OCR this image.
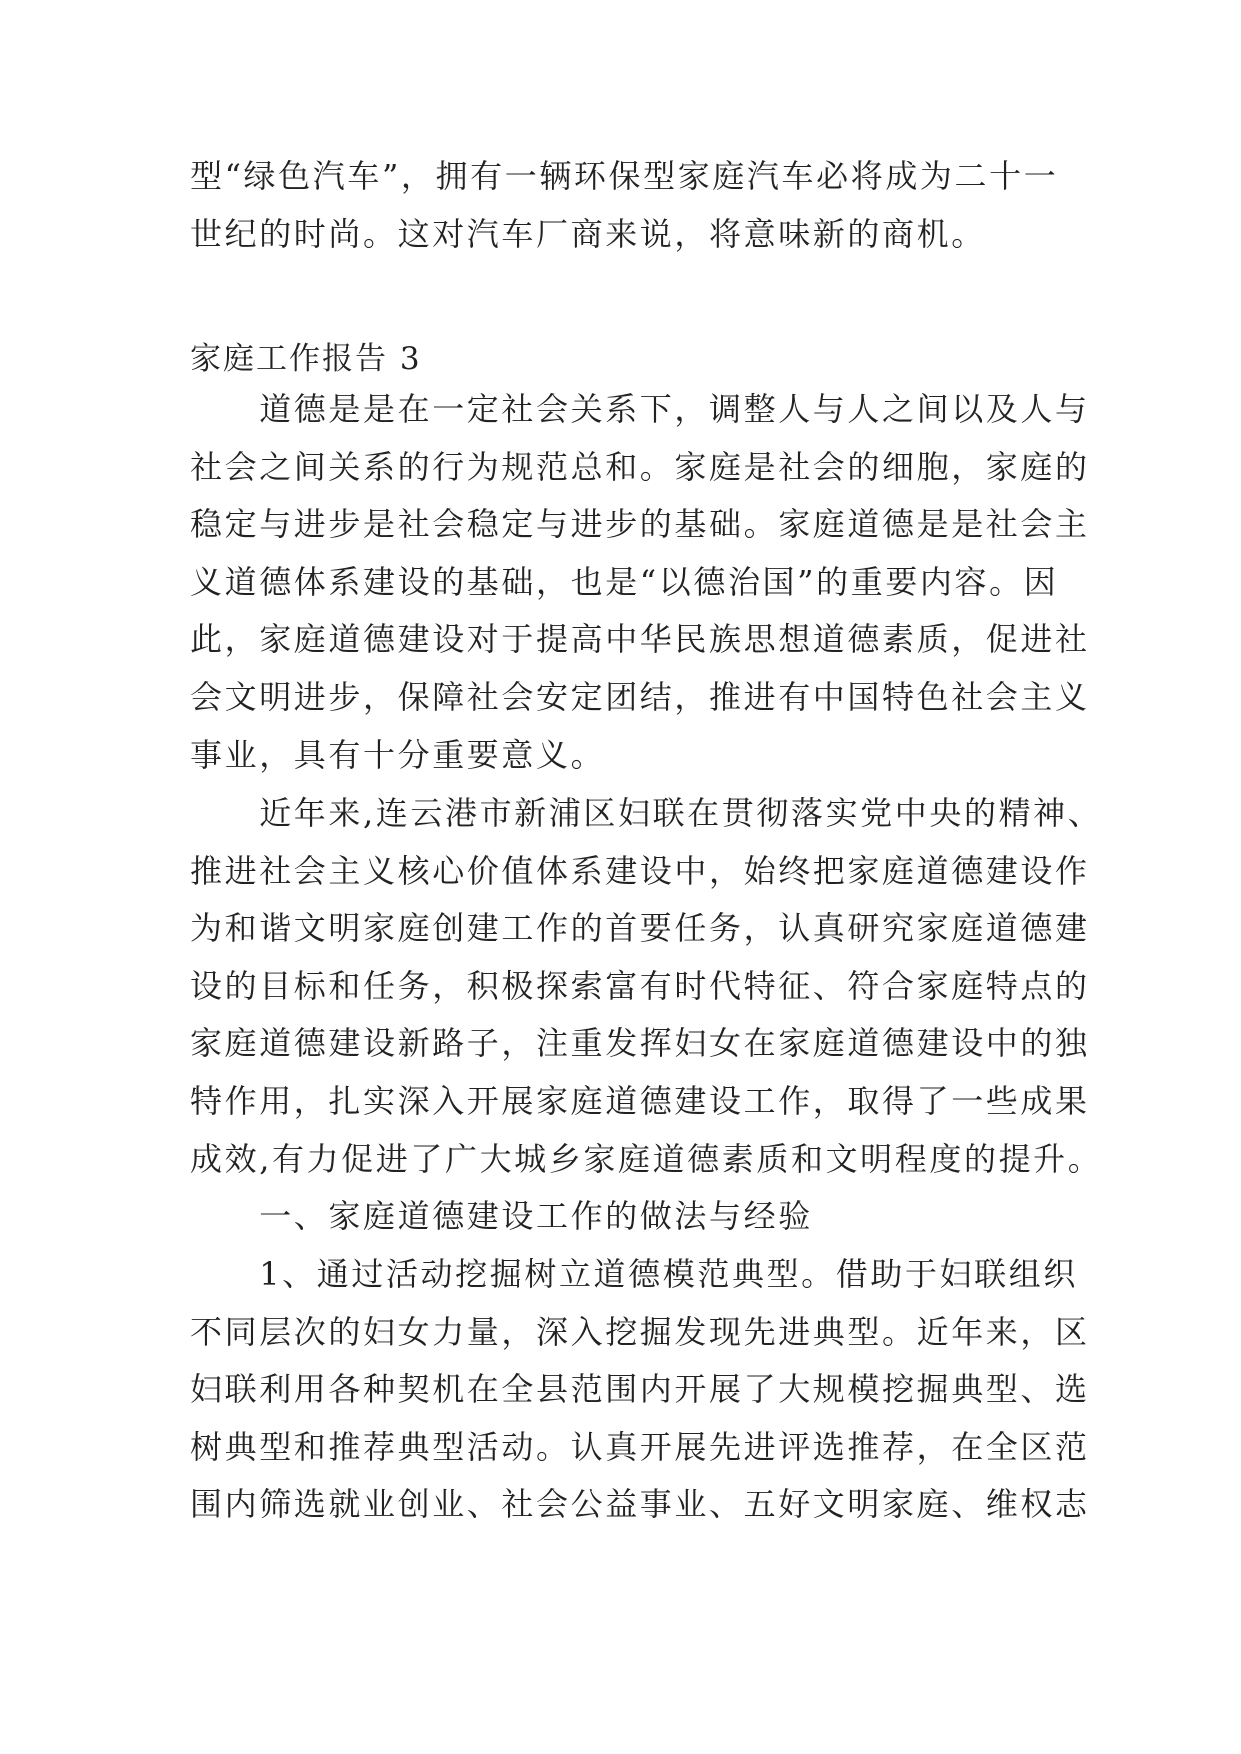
型“绿色汽车”，拥有一辆环保型家庭汽车必将成为二十一
世纪的时尚。这对汽车厂商来说，将意味新的商机。
家庭工作报告 3
　　道德是是在一定社会关系下，调整人与人之间以及人与
社会之间关系的行为规范总和。家庭是社会的细胞，家庭的
稳定与进步是社会稳定与进步的基础。家庭道德是是社会主
义道德体系建设的基础，也是“以德治国”的重要内容。因
此，家庭道德建设对于提高中华民族思想道德素质，促进社
会文明进步，保障社会安定团结，推进有中国特色社会主义
事业，具有十分重要意义。
　　近年来,连云港市新浦区妇联在贯彻落实党中央的精神、
推进社会主义核心价值体系建设中，始终把家庭道德建设作
为和谐文明家庭创建工作的首要任务，认真研究家庭道德建
设的目标和任务，积极探索富有时代特征、符合家庭特点的
家庭道德建设新路子，注重发挥妇女在家庭道德建设中的独
特作用，扎实深入开展家庭道德建设工作，取得了一些成果
成效,有力促进了广大城乡家庭道德素质和文明程度的提升。
　　一、家庭道德建设工作的做法与经验
　　1、通过活动挖掘树立道德模范典型。借助于妇联组织
不同层次的妇女力量，深入挖掘发现先进典型。近年来，区
妇联利用各种契机在全县范围内开展了大规模挖掘典型、选
树典型和推荐典型活动。认真开展先进评选推荐，在全区范
围内筛选就业创业、社会公益事业、五好文明家庭、维权志
